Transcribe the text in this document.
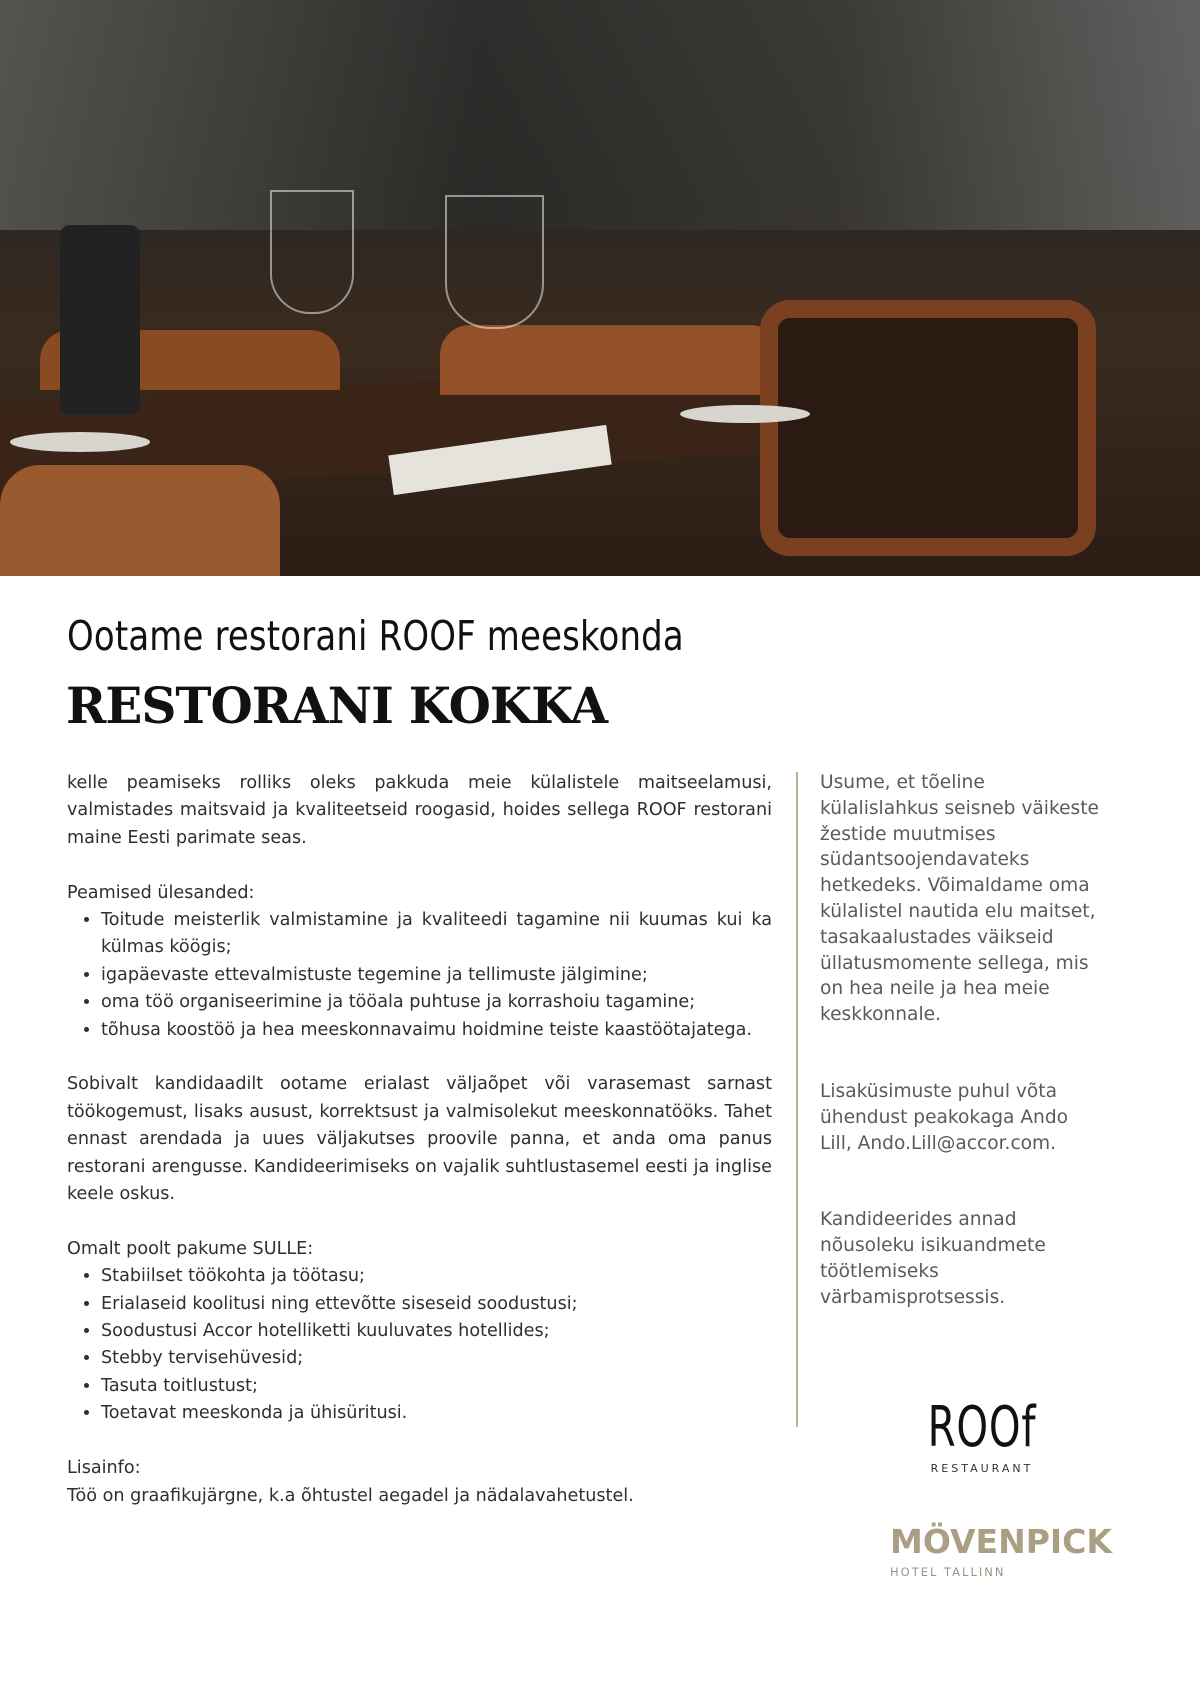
Ootame restorani ROOF meeskonda
RESTORANI KOKKA

kelle peamiseks rolliks oleks pakkuda meie külalistele maitseelamusi, valmistades maitsvaid ja kvaliteetseid roogasid, hoides sellega ROOF restorani maine Eesti parimate seas.

Peamised ülesanded:
• Toitude meisterlik valmistamine ja kvaliteedi tagamine nii kuumas kui ka külmas köögis;
• igapäevaste ettevalmistuste tegemine ja tellimuste jälgimine;
• oma töö organiseerimine ja tööala puhtuse ja korrashoiu tagamine;
• tõhusa koostöö ja hea meeskonnavaimu hoidmine teiste kaastöötajatega.

Sobivalt kandidaadilt ootame erialast väljaõpet või varasemast sarnast töökogemust, lisaks ausust, korrektsust ja valmisolekut meeskonnatööks. Tahet ennast arendada ja uues väljakutses proovile panna, et anda oma panus restorani arengusse. Kandideerimiseks on vajalik suhtlustasemel eesti ja inglise keele oskus.

Omalt poolt pakume SULLE:
• Stabiilset töökohta ja töötasu;
• Erialaseid koolitusi ning ettevõtte siseseid soodustusi;
• Soodustusi Accor hotelliketti kuuluvates hotellides;
• Stebby tervisehüvesid;
• Tasuta toitlustust;
• Toetavat meeskonda ja ühisüritusi.
Lisainfo:
Töö on graafikujärgne, k.a õhtustel aegadel ja nädalavahetustel.

Usume, et tõeline

külalislahkus seisneb väikeste

žestide muutmises

südantsoojendavateks

hetkedeks. Võimaldame oma

külalistel nautida elu maitset,

tasakaalustades väikseid

üllatusmomente sellega, mis

on hea neile ja hea meie

keskkonnale.

Lisaküsimuste puhul võta

ühendust peakokaga Ando

Lill, Ando.Lill@accor.com.

Kandideerides annad

nõusoleku isikuandmete

töötlemiseks

värbamisprotsessis.

ROOf
RESTAURANT
MÖVENPICK
HOTEL TALLINN
